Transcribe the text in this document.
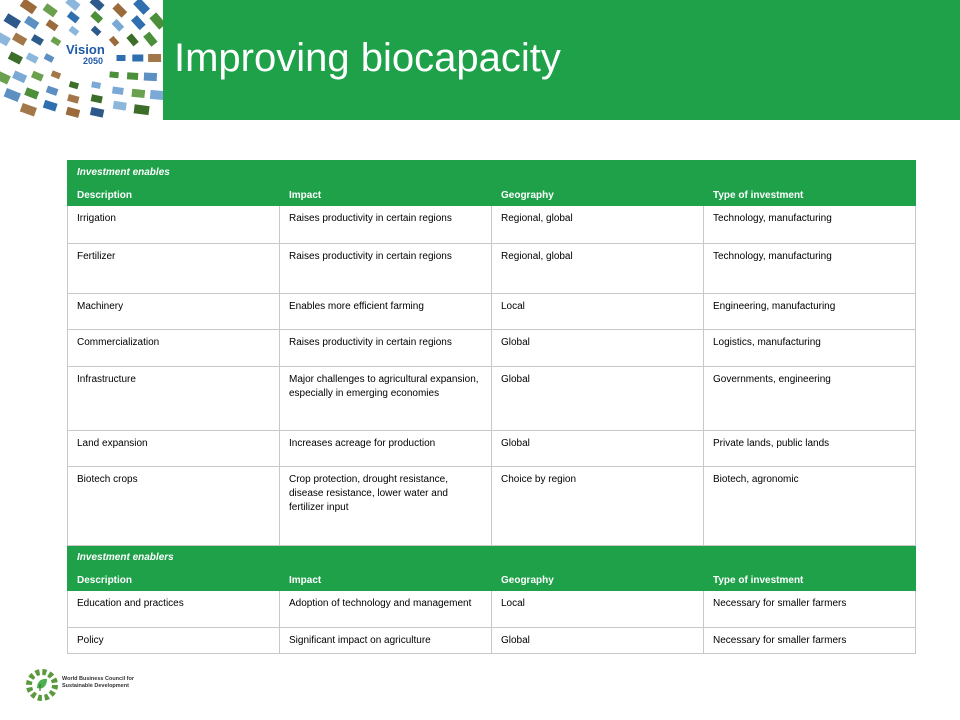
Vision
2050 Improving biocapacity
Investment enables			
Description	Impact	Geography	Type of investment
Irrigation	Raises productivity in certain regions	Regional, global	Technology, manufacturing
Fertilizer	Raises productivity in certain regions	Regional, global	Technology, manufacturing
Machinery	Enables more efficient farming	Local	Engineering, manufacturing
Commercialization	Raises productivity in certain regions	Global	Logistics, manufacturing
Infrastructure	Major challenges to agricultural expansion, especially in emerging economies	Global	Governments, engineering
Land expansion	Increases acreage for production	Global	Private lands, public lands
Biotech crops	Crop protection, drought resistance, disease resistance, lower water and fertilizer input	Choice by region	Biotech, agronomic
Investment enablers			
Description	Impact	Geography	Type of investment
Education and practices	Adoption of technology and management	Local	Necessary for smaller farmers
Policy	Significant impact on agriculture	Global	Necessary for smaller farmers
World Business Council for
Sustainable Development
